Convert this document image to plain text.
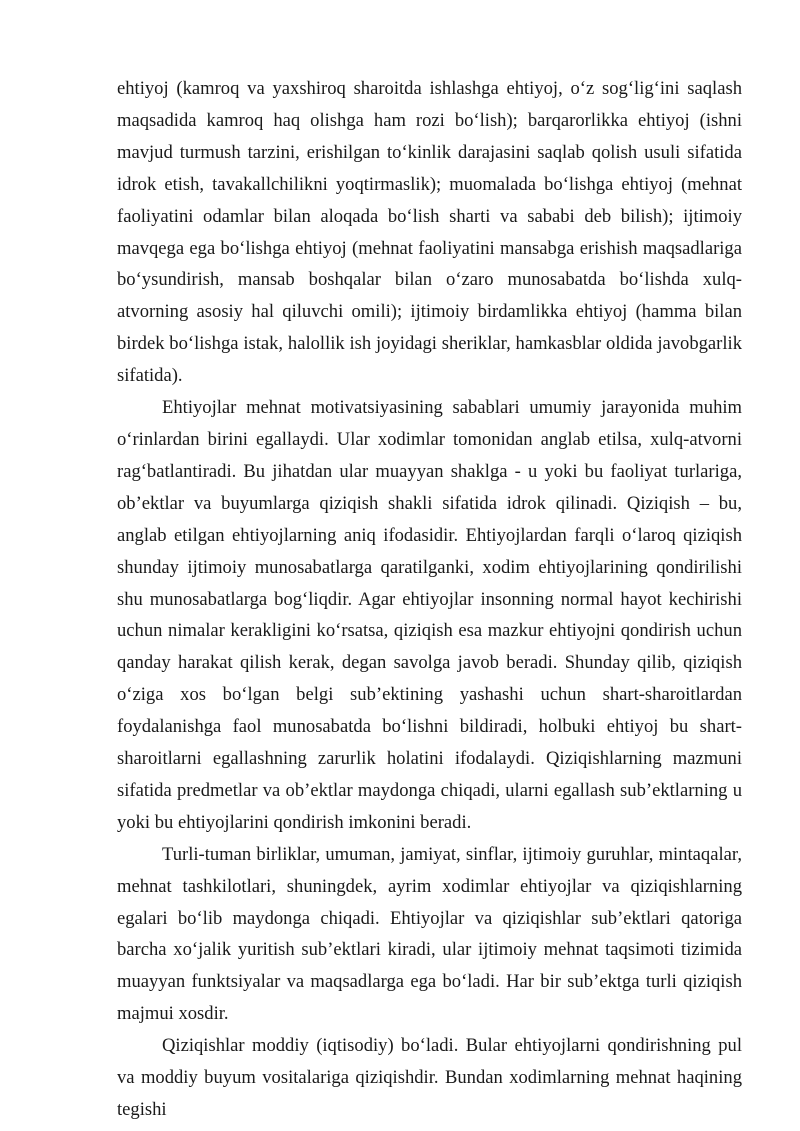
ehtiyoj (kamroq va yaxshiroq sharoitda ishlashga ehtiyoj, o‘z sog‘lig‘ini saqlash maqsadida kamroq haq olishga ham rozi bo‘lish); barqarorlikka ehtiyoj (ishni mavjud turmush tarzini, erishilgan to‘kinlik darajasini saqlab qolish usuli sifatida idrok etish, tavakallchilikni yoqtirmaslik); muomalada bo‘lishga ehtiyoj (mehnat faoliyatini odamlar bilan aloqada bo‘lish sharti va sababi deb bilish); ijtimoiy mavqega ega bo‘lishga ehtiyoj (mehnat faoliyatini mansabga erishish maqsadlariga bo‘ysundirish, mansab boshqalar bilan o‘zaro munosabatda bo‘lishda xulq-atvorning asosiy hal qiluvchi omili); ijtimoiy birdamlikka ehtiyoj (hamma bilan birdek bo‘lishga istak, halollik ish joyidagi sheriklar, hamkasblar oldida javobgarlik sifatida).

Ehtiyojlar mehnat motivatsiyasining sabablari umumiy jarayonida muhim o‘rinlardan birini egallaydi. Ular xodimlar tomonidan anglab etilsa, xulq-atvorni rag‘batlantiradi. Bu jihatdan ular muayyan shaklga - u yoki bu faoliyat turlariga, ob’ektlar va buyumlarga qiziqish shakli sifatida idrok qilinadi. Qiziqish – bu, anglab etilgan ehtiyojlarning aniq ifodasidir. Ehtiyojlardan farqli o‘laroq qiziqish shunday ijtimoiy munosabatlarga qaratilganki, xodim ehtiyojlarining qondirilishi shu munosabatlarga bog‘liqdir. Agar ehtiyojlar insonning normal hayot kechirishi uchun nimalar kerakligini ko‘rsatsa, qiziqish esa mazkur ehtiyojni qondirish uchun qanday harakat qilish kerak, degan savolga javob beradi. Shunday qilib, qiziqish o‘ziga xos bo‘lgan belgi sub’ektining yashashi uchun shart-sharoitlardan foydalanishga faol munosabatda bo‘lishni bildiradi, holbuki ehtiyoj bu shart-sharoitlarni egallashning zarurlik holatini ifodalaydi. Qiziqishlarning mazmuni sifatida predmetlar va ob’ektlar maydonga chiqadi, ularni egallash sub’ektlarning u yoki bu ehtiyojlarini qondirish imkonini beradi.

Turli-tuman birliklar, umuman, jamiyat, sinflar, ijtimoiy guruhlar, mintaqalar, mehnat tashkilotlari, shuningdek, ayrim xodimlar ehtiyojlar va qiziqishlarning egalari bo‘lib maydonga chiqadi. Ehtiyojlar va qiziqishlar sub’ektlari qatoriga barcha xo‘jalik yuritish sub’ektlari kiradi, ular ijtimoiy mehnat taqsimoti tizimida muayyan funktsiyalar va maqsadlarga ega bo‘ladi. Har bir sub’ektga turli qiziqish majmui xosdir.

Qiziqishlar moddiy (iqtisodiy) bo‘ladi. Bular ehtiyojlarni qondirishning pul va moddiy buyum vositalariga qiziqishdir. Bundan xodimlarning mehnat haqining tegishi
